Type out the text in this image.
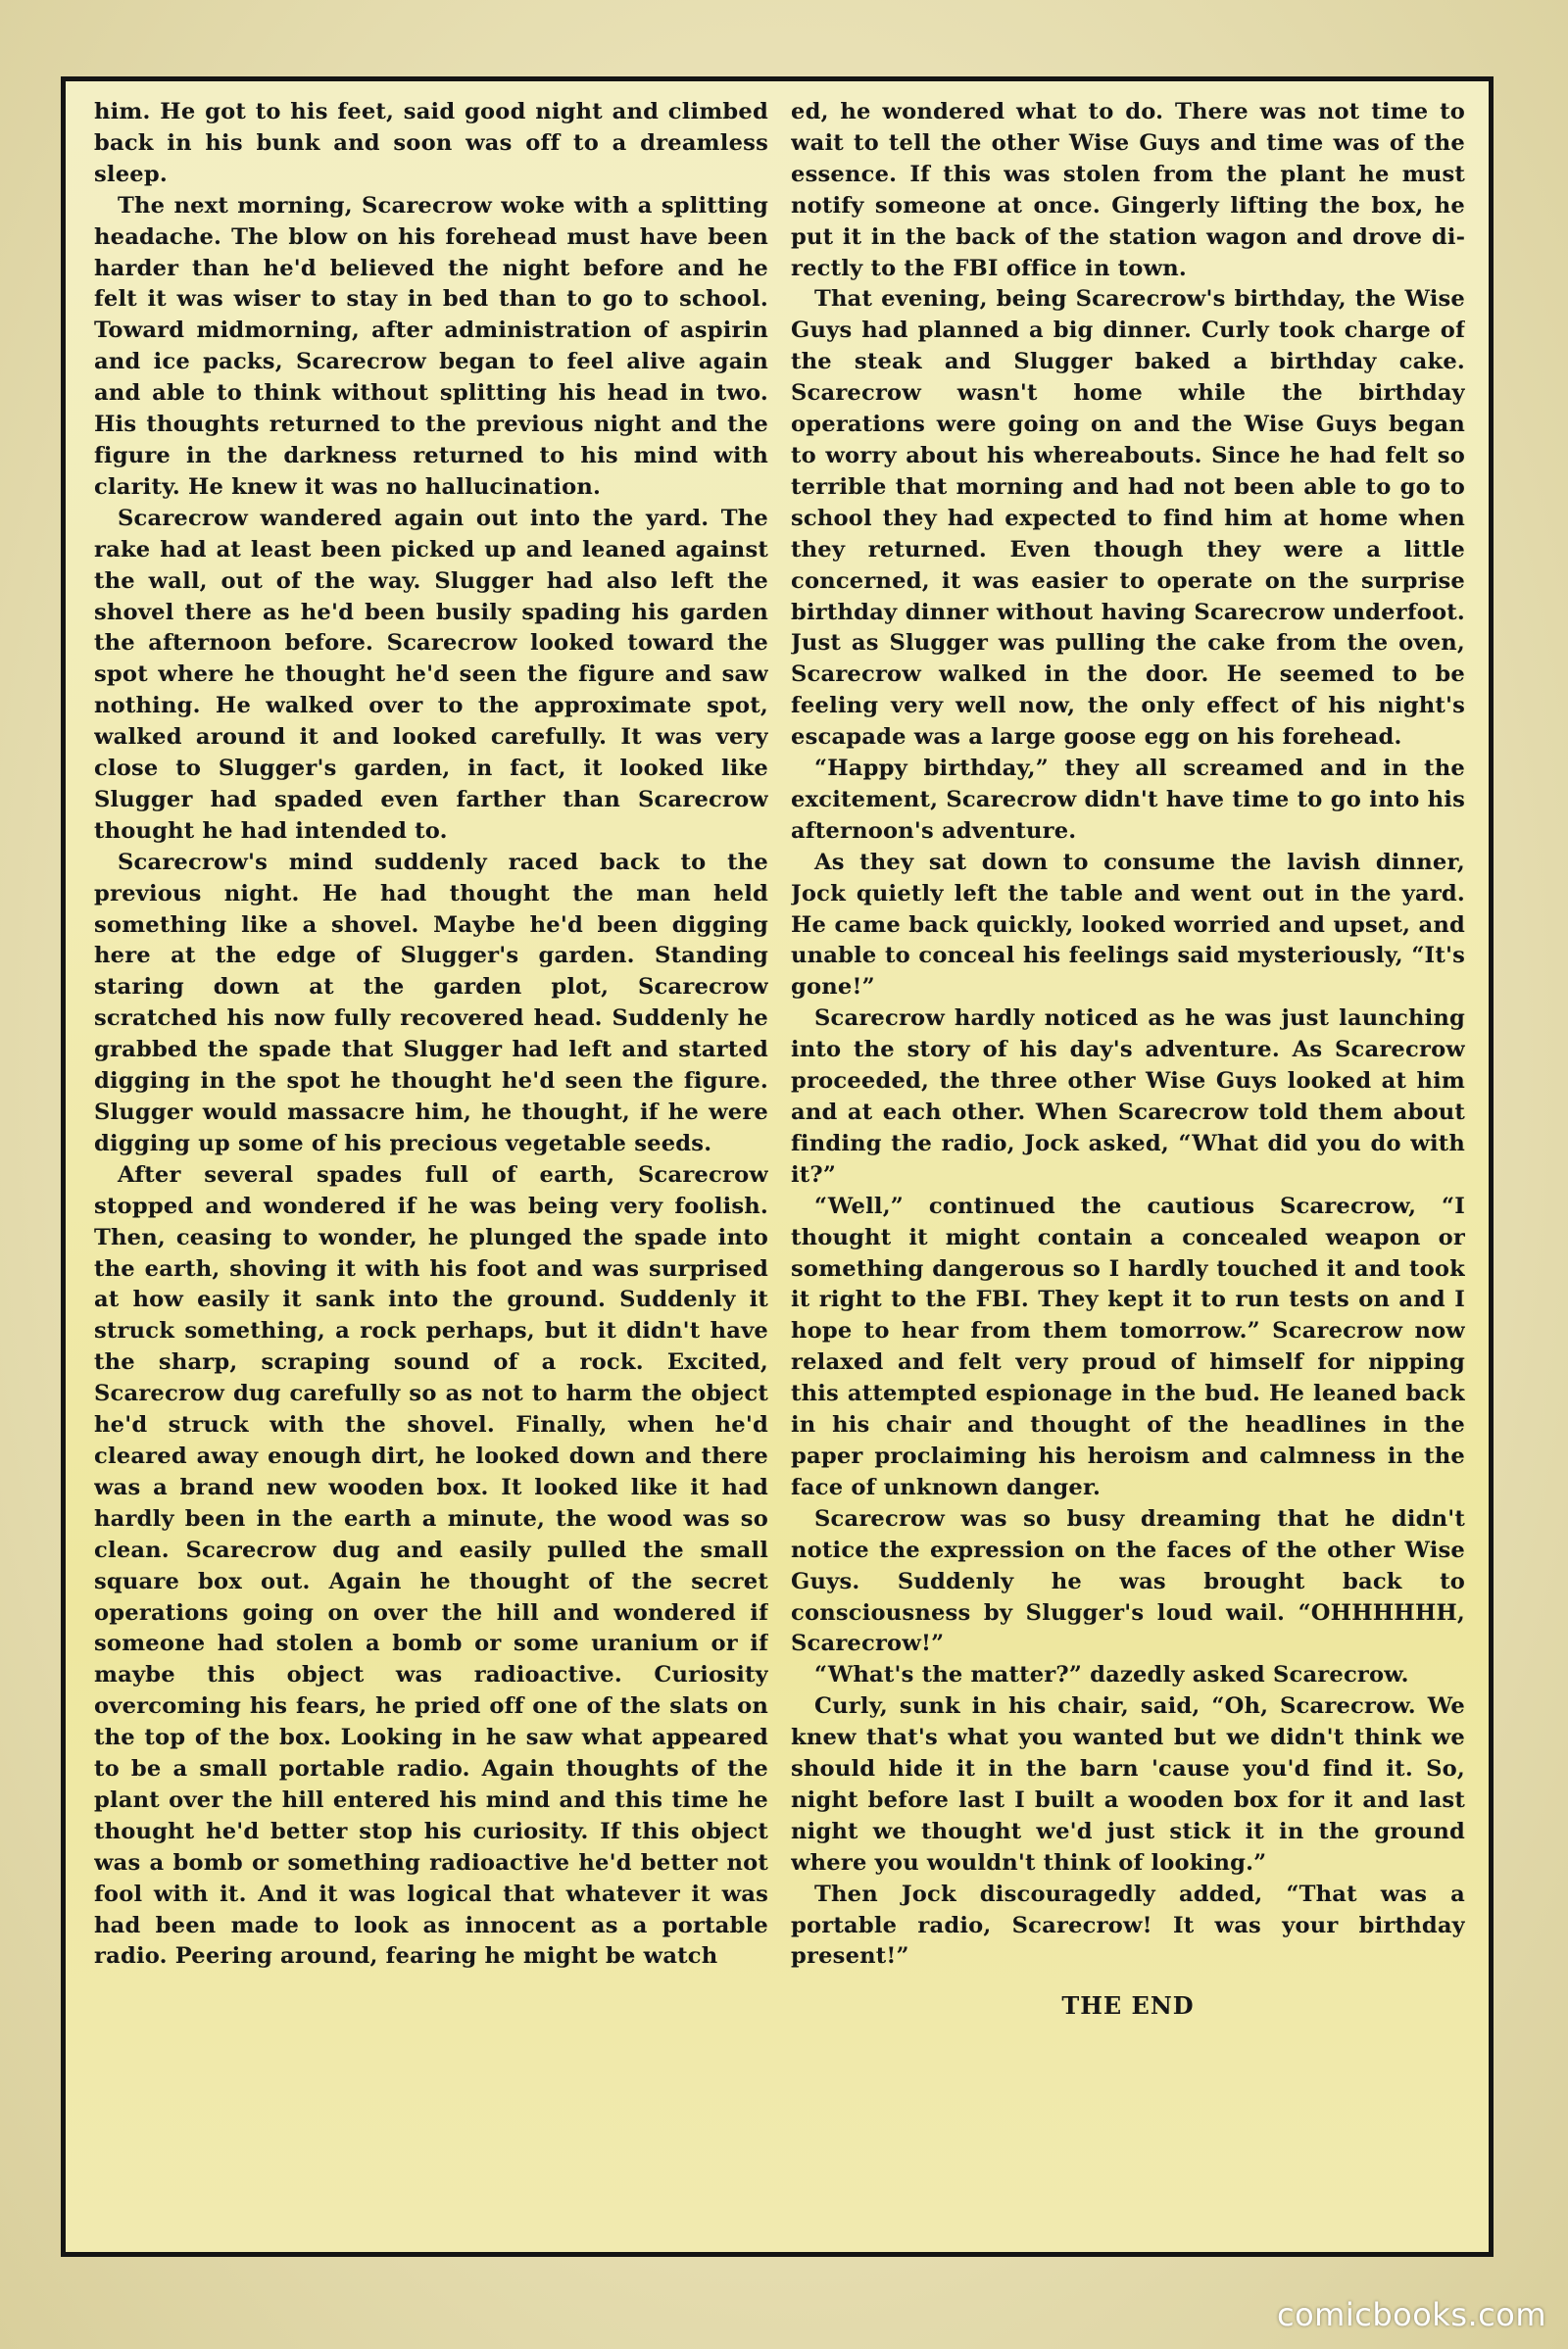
him. He got to his feet, said good night and climbed back in his bunk and soon was off to a dreamless sleep.

The next morning, Scarecrow woke with a splitting headache. The blow on his forehead must have been harder than he'd believed the night before and he felt it was wiser to stay in bed than to go to school. Toward midmorning, after administration of aspirin and ice packs, Scarecrow began to feel alive again and able to think without splitting his head in two. His thoughts returned to the previous night and the figure in the darkness returned to his mind with clarity. He knew it was no hallucination.

Scarecrow wandered again out into the yard. The rake had at least been picked up and leaned against the wall, out of the way. Slugger had also left the shovel there as he'd been busily spading his garden the afternoon before. Scarecrow looked toward the spot where he thought he'd seen the figure and saw nothing. He walked over to the approximate spot, walked around it and looked carefully. It was very close to Slugger's garden, in fact, it looked like Slugger had spaded even farther than Scarecrow thought he had intended to.

Scarecrow's mind suddenly raced back to the previous night. He had thought the man held something like a shovel. Maybe he'd been digging here at the edge of Slugger's garden. Standing staring down at the garden plot, Scarecrow scratched his now fully recovered head. Suddenly he grabbed the spade that Slugger had left and started digging in the spot he thought he'd seen the figure. Slugger would massacre him, he thought, if he were digging up some of his precious vegetable seeds.

After several spades full of earth, Scarecrow stopped and wondered if he was being very foolish. Then, ceasing to wonder, he plunged the spade into the earth, shoving it with his foot and was surprised at how easily it sank into the ground. Suddenly it struck something, a rock perhaps, but it didn't have the sharp, scraping sound of a rock. Excited, Scarecrow dug carefully so as not to harm the object he'd struck with the shovel. Finally, when he'd cleared away enough dirt, he looked down and there was a brand new wooden box. It looked like it had hardly been in the earth a minute, the wood was so clean. Scarecrow dug and easily pulled the small square box out. Again he thought of the secret operations going on over the hill and wondered if someone had stolen a bomb or some uranium or if maybe this object was radioactive. Curiosity overcoming his fears, he pried off one of the slats on the top of the box. Looking in he saw what appeared to be a small portable radio. Again thoughts of the plant over the hill entered his mind and this time he thought he'd better stop his curiosity. If this object was a bomb or something radioactive he'd better not fool with it. And it was logical that whatever it was had been made to look as innocent as a portable radio. Peering around, fearing he might be watch

ed, he wondered what to do. There was not time to wait to tell the other Wise Guys and time was of the essence. If this was stolen from the plant he must notify someone at once. Gingerly lifting the box, he put it in the back of the station wagon and drove directly to the FBI office in town.

That evening, being Scarecrow's birthday, the Wise Guys had planned a big dinner. Curly took charge of the steak and Slugger baked a birthday cake. Scarecrow wasn't home while the birthday operations were going on and the Wise Guys began to worry about his whereabouts. Since he had felt so terrible that morning and had not been able to go to school they had expected to find him at home when they returned. Even though they were a little concerned, it was easier to operate on the surprise birthday dinner without having Scarecrow underfoot. Just as Slugger was pulling the cake from the oven, Scarecrow walked in the door. He seemed to be feeling very well now, the only effect of his night's escapade was a large goose egg on his forehead.

“Happy birthday,” they all screamed and in the excitement, Scarecrow didn't have time to go into his afternoon's adventure.

As they sat down to consume the lavish dinner, Jock quietly left the table and went out in the yard. He came back quickly, looked worried and upset, and unable to conceal his feelings said mysteriously, “It's gone!”

Scarecrow hardly noticed as he was just launching into the story of his day's adventure. As Scarecrow proceeded, the three other Wise Guys looked at him and at each other. When Scarecrow told them about finding the radio, Jock asked, “What did you do with it?”

“Well,” continued the cautious Scarecrow, “I thought it might contain a concealed weapon or something dangerous so I hardly touched it and took it right to the FBI. They kept it to run tests on and I hope to hear from them tomorrow.” Scarecrow now relaxed and felt very proud of himself for nipping this attempted espionage in the bud. He leaned back in his chair and thought of the headlines in the paper proclaiming his heroism and calmness in the face of unknown danger.

Scarecrow was so busy dreaming that he didn't notice the expression on the faces of the other Wise Guys. Suddenly he was brought back to consciousness by Slugger's loud wail. “OHHHHHH, Scarecrow!”

“What's the matter?” dazedly asked Scarecrow.

Curly, sunk in his chair, said, “Oh, Scarecrow. We knew that's what you wanted but we didn't think we should hide it in the barn 'cause you'd find it. So, night before last I built a wooden box for it and last night we thought we'd just stick it in the ground where you wouldn't think of looking.”

Then Jock discouragedly added, “That was a portable radio, Scarecrow! It was your birthday present!”

THE END

comicbooks.com
